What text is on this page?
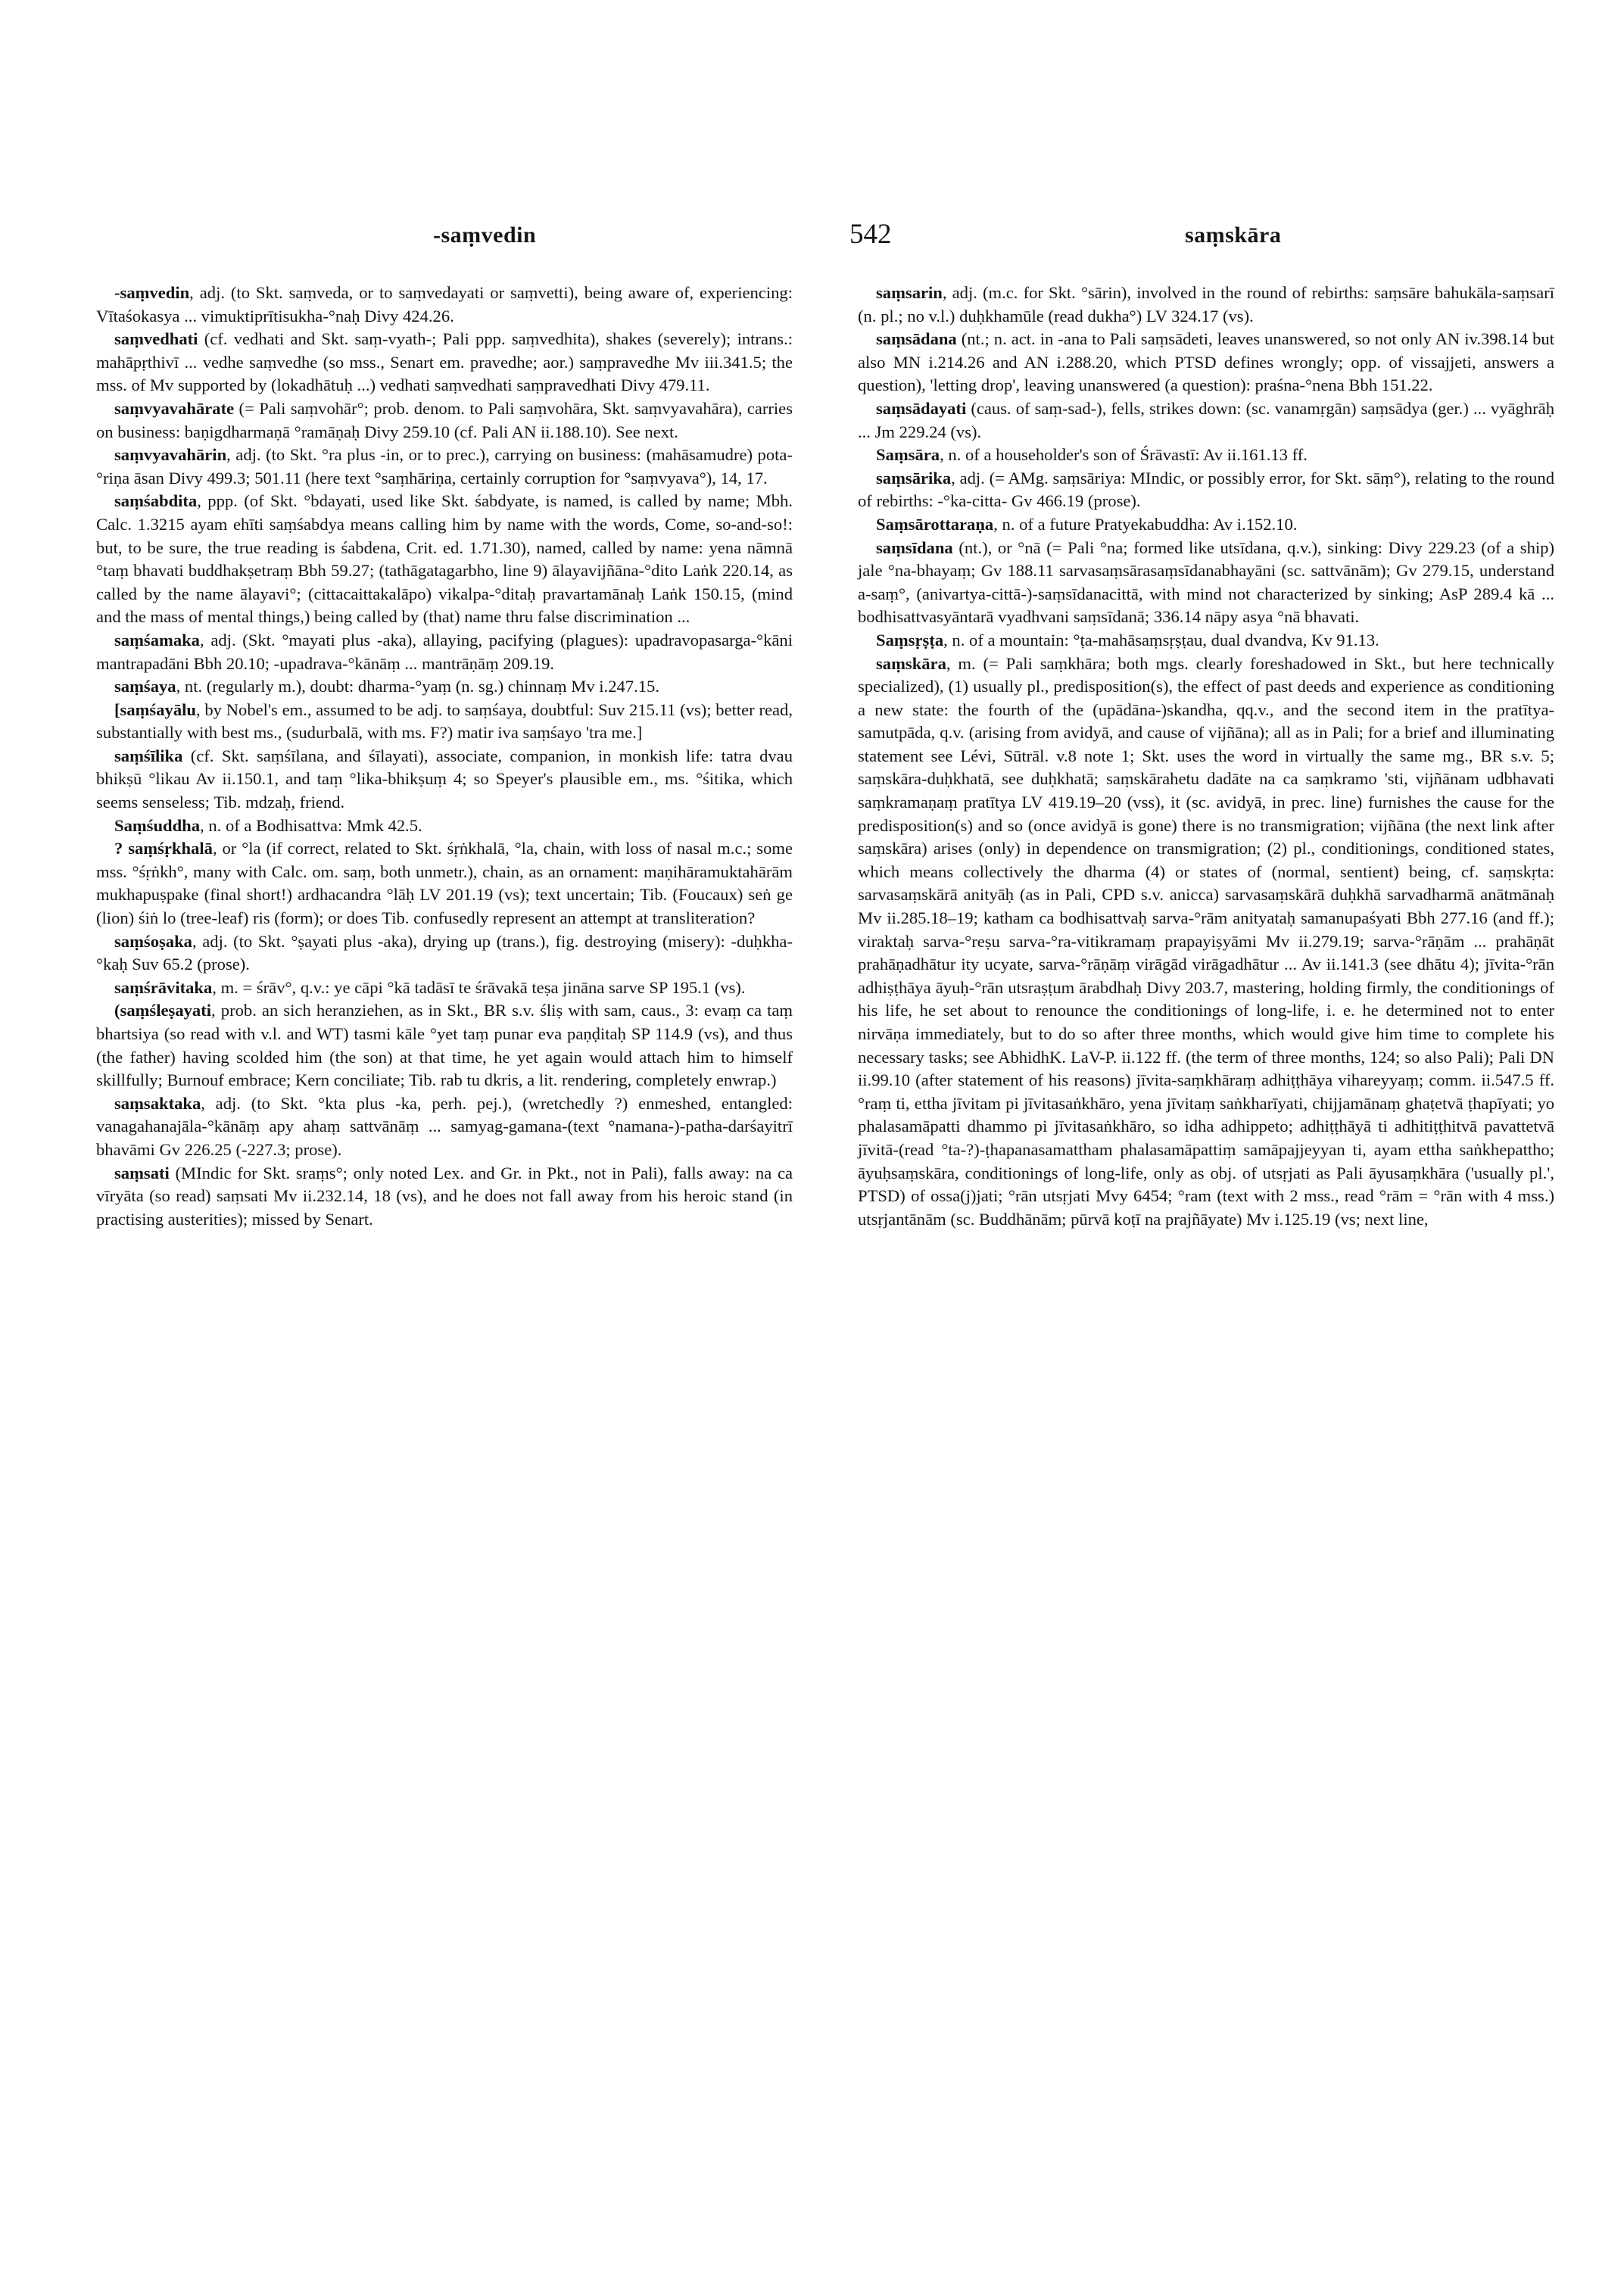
-saṃvedin	542	saṃskāra

-saṃvedin, adj. (to Skt. saṃveda, or to saṃvedayati or saṃvetti), being aware of, experiencing: Vītaśokasya ... vimuktiprītisukha-°naḥ Divy 424.26.

saṃvedhati (cf. vedhati and Skt. saṃ-vyath-; Pali ppp. saṃvedhita), shakes (severely); intrans.: mahāpṛthivī ... vedhe saṃvedhe (so mss., Senart em. pravedhe; aor.) saṃpravedhe Mv iii.341.5; the mss. of Mv supported by (lokadhātuḥ ...) vedhati saṃvedhati saṃpravedhati Divy 479.11.

saṃvyavahārate (= Pali saṃvohār°; prob. denom. to Pali saṃvohāra, Skt. saṃvyavahāra), carries on business: baṇigdharmaṇā °ramāṇaḥ Divy 259.10 (cf. Pali AN ii.188.10). See next.

saṃvyavahārin, adj. (to Skt. °ra plus -in, or to prec.), carrying on business: (mahāsamudre) pota-°riṇa āsan Divy 499.3; 501.11 (here text °saṃhāriṇa, certainly corruption for °saṃvyava°), 14, 17.

saṃśabdita, ppp. (of Skt. °bdayati, used like Skt. śabdyate, is named, is called by name; Mbh. Calc. 1.3215 ayam ehīti saṃśabdya means calling him by name with the words, Come, so-and-so!: but, to be sure, the true reading is śabdena, Crit. ed. 1.71.30), named, called by name: yena nāmnā °taṃ bhavati buddhakṣetraṃ Bbh 59.27; (tathāgatagarbho, line 9) ālayavijñāna-°dito Laṅk 220.14, as called by the name ālayavi°; (cittacaittakalāpo) vikalpa-°ditaḥ pravartamānaḥ Laṅk 150.15, (mind and the mass of mental things,) being called by (that) name thru false discrimination ...

saṃśamaka, adj. (Skt. °mayati plus -aka), allaying, pacifying (plagues): upadravopasarga-°kāni mantrapadāni Bbh 20.10; -upadrava-°kānāṃ ... mantrāṇāṃ 209.19.

saṃśaya, nt. (regularly m.), doubt: dharma-°yaṃ (n. sg.) chinnaṃ Mv i.247.15.

[saṃśayālu, by Nobel's em., assumed to be adj. to saṃśaya, doubtful: Suv 215.11 (vs); better read, substantially with best ms., (sudurbalā, with ms. F?) matir iva saṃśayo 'tra me.]

saṃśīlika (cf. Skt. saṃśīlana, and śīlayati), associate, companion, in monkish life: tatra dvau bhikṣū °likau Av ii.150.1, and taṃ °lika-bhikṣuṃ 4; so Speyer's plausible em., ms. °śitika, which seems senseless; Tib. mdzaḥ, friend.

Saṃśuddha, n. of a Bodhisattva: Mmk 42.5.

? saṃśṛkhalā, or °la (if correct, related to Skt. śṛṅkhalā, °la, chain, with loss of nasal m.c.; some mss. °śṛṅkh°, many with Calc. om. saṃ, both unmetr.), chain, as an ornament: maṇihāramuktahārām mukhapuṣpake (final short!) ardhacandra °lāḥ LV 201.19 (vs); text uncertain; Tib. (Foucaux) seṅ ge (lion) śiṅ lo (tree-leaf) ris (form); or does Tib. confusedly represent an attempt at transliteration?

saṃśoṣaka, adj. (to Skt. °ṣayati plus -aka), drying up (trans.), fig. destroying (misery): -duḥkha-°kaḥ Suv 65.2 (prose).

saṃśrāvitaka, m. = śrāv°, q.v.: ye cāpi °kā tadāsī te śrāvakā teṣa jināna sarve SP 195.1 (vs).

(saṃśleṣayati, prob. an sich heranziehen, as in Skt., BR s.v. śliṣ with sam, caus., 3: evaṃ ca taṃ bhartsiya (so read with v.l. and WT) tasmi kāle °yet taṃ punar eva paṇḍitaḥ SP 114.9 (vs), and thus (the father) having scolded him (the son) at that time, he yet again would attach him to himself skillfully; Burnouf embrace; Kern conciliate; Tib. rab tu dkris, a lit. rendering, completely enwrap.)

saṃsaktaka, adj. (to Skt. °kta plus -ka, perh. pej.), (wretchedly ?) enmeshed, entangled: vanagahanajāla-°kānāṃ apy ahaṃ sattvānāṃ ... samyag-gamana-(text °namana-)-patha-darśayitrī bhavāmi Gv 226.25 (-227.3; prose).

saṃsati (MIndic for Skt. sraṃs°; only noted Lex. and Gr. in Pkt., not in Pali), falls away: na ca vīryāta (so read) saṃsati Mv ii.232.14, 18 (vs), and he does not fall away from his heroic stand (in practising austerities); missed by Senart.

saṃsarin, adj. (m.c. for Skt. °sārin), involved in the round of rebirths: saṃsāre bahukāla-saṃsarī (n. pl.; no v.l.) duḥkhamūle (read dukha°) LV 324.17 (vs).

saṃsādana (nt.; n. act. in -ana to Pali saṃsādeti, leaves unanswered, so not only AN iv.398.14 but also MN i.214.26 and AN i.288.20, which PTSD defines wrongly; opp. of vissajjeti, answers a question), 'letting drop', leaving unanswered (a question): praśna-°nena Bbh 151.22.

saṃsādayati (caus. of saṃ-sad-), fells, strikes down: (sc. vanamṛgān) saṃsādya (ger.) ... vyāghrāḥ ... Jm 229.24 (vs).

Saṃsāra, n. of a householder's son of Śrāvastī: Av ii.161.13 ff.

saṃsārika, adj. (= AMg. saṃsāriya: MIndic, or possibly error, for Skt. sāṃ°), relating to the round of rebirths: -°ka-citta- Gv 466.19 (prose).

Saṃsārottaraṇa, n. of a future Pratyekabuddha: Av i.152.10.

saṃsīdana (nt.), or °nā (= Pali °na; formed like utsīdana, q.v.), sinking: Divy 229.23 (of a ship) jale °na-bhayaṃ; Gv 188.11 sarvasaṃsārasaṃsīdanabhayāni (sc. sattvānām); Gv 279.15, understand a-saṃ°, (anivartya-cittā-)-saṃsīdanacittā, with mind not characterized by sinking; AsP 289.4 kā ... bodhisattvasyāntarā vyadhvani saṃsīdanā; 336.14 nāpy asya °nā bhavati.

Saṃsṛṣṭa, n. of a mountain: °ṭa-mahāsaṃsṛṣṭau, dual dvandva, Kv 91.13.

saṃskāra, m. (= Pali saṃkhāra; both mgs. clearly foreshadowed in Skt., but here technically specialized), (1) usually pl., predisposition(s), the effect of past deeds and experience as conditioning a new state: the fourth of the (upādāna-)skandha, qq.v., and the second item in the pratītya-samutpāda, q.v. (arising from avidyā, and cause of vijñāna); all as in Pali; for a brief and illuminating statement see Lévi, Sūtrāl. v.8 note 1; Skt. uses the word in virtually the same mg., BR s.v. 5; saṃskāra-duḥkhatā, see duḥkhatā; saṃskārahetu dadāte na ca saṃkramo 'sti, vijñānam udbhavati saṃkramaṇaṃ pratītya LV 419.19–20 (vss), it (sc. avidyā, in prec. line) furnishes the cause for the predisposition(s) and so (once avidyā is gone) there is no transmigration; vijñāna (the next link after saṃskāra) arises (only) in dependence on transmigration; (2) pl., conditionings, conditioned states, which means collectively the dharma (4) or states of (normal, sentient) being, cf. saṃskṛta: sarvasaṃskārā anityāḥ (as in Pali, CPD s.v. anicca) sarvasaṃskārā duḥkhā sarvadharmā anātmānaḥ Mv ii.285.18–19; katham ca bodhisattvaḥ sarva-°rām anityataḥ samanupaśyati Bbh 277.16 (and ff.); viraktaḥ sarva-°reṣu sarva-°ra-vitikramaṃ prapayiṣyāmi Mv ii.279.19; sarva-°rāṇām ... prahāṇāt prahāṇadhātur ity ucyate, sarva-°rāṇāṃ virāgād virāgadhātur ... Av ii.141.3 (see dhātu 4); jīvita-°rān adhiṣṭhāya āyuḥ-°rān utsraṣṭum ārabdhaḥ Divy 203.7, mastering, holding firmly, the conditionings of his life, he set about to renounce the conditionings of long-life, i. e. he determined not to enter nirvāṇa immediately, but to do so after three months, which would give him time to complete his necessary tasks; see AbhidhK. LaV-P. ii.122 ff. (the term of three months, 124; so also Pali); Pali DN ii.99.10 (after statement of his reasons) jīvita-saṃkhāraṃ adhiṭṭhāya vihareyyaṃ; comm. ii.547.5 ff. °raṃ ti, ettha jīvitam pi jīvitasaṅkhāro, yena jīvitaṃ saṅkharīyati, chijjamānaṃ ghaṭetvā ṭhapīyati; yo phalasamāpatti dhammo pi jīvitasaṅkhāro, so idha adhippeto; adhiṭṭhāyā ti adhitiṭṭhitvā pavattetvā jīvitā-(read °ta-?)-ṭhapanasamattham phalasamāpattiṃ samāpajjeyyan ti, ayam ettha saṅkhepattho; āyuḥsaṃskāra, conditionings of long-life, only as obj. of utsṛjati as Pali āyusaṃkhāra ('usually pl.', PTSD) of ossa(j)jati; °rān utsṛjati Mvy 6454; °ram (text with 2 mss., read °rām = °rān with 4 mss.) utsṛjantānām (sc. Buddhānām; pūrvā koṭī na prajñāyate) Mv i.125.19 (vs; next line,
